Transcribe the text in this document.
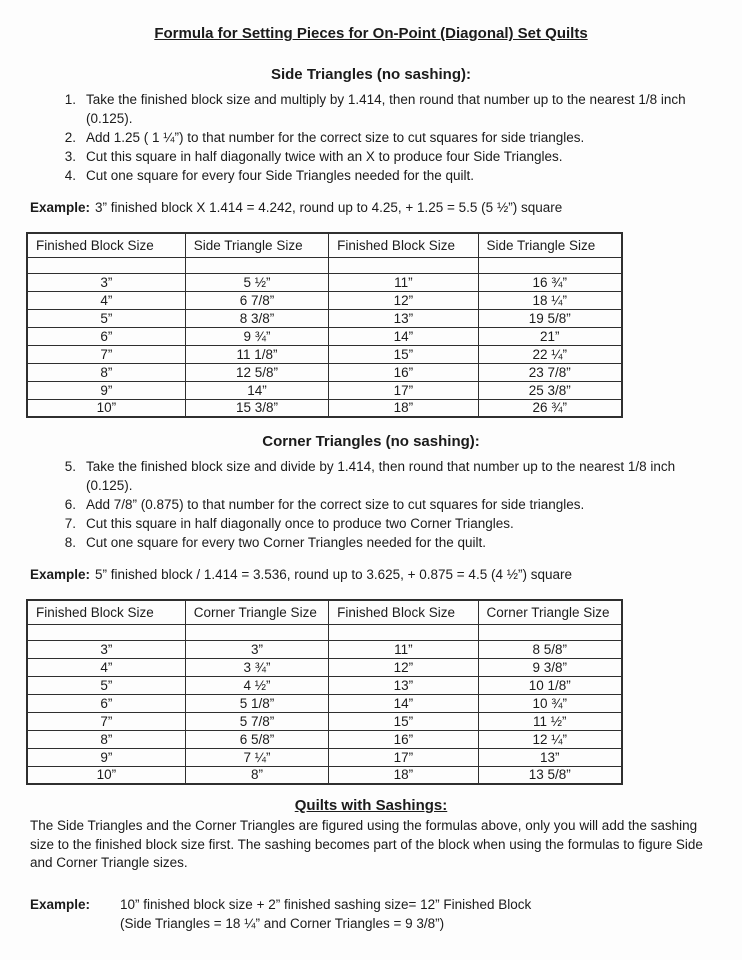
Formula for Setting Pieces for On-Point (Diagonal) Set Quilts
Side Triangles (no sashing):
1. Take the finished block size and multiply by 1.414, then round that number up to the nearest 1/8 inch (0.125).
2. Add 1.25 ( 1 ¼”) to that number for the correct size to cut squares for side triangles.
3. Cut this square in half diagonally twice with an X to produce four Side Triangles.
4. Cut one square for every four Side Triangles needed for the quilt.
Example: 3” finished block X 1.414 = 4.242, round up to 4.25, + 1.25 = 5.5 (5 ½”) square
Finished Block Size	Side Triangle Size	Finished Block Size	Side Triangle Size

3”	5 ½”	11”	16 ¾”
4”	6 7/8”	12”	18 ¼”
5”	8 3/8”	13”	19 5/8”
6”	9 ¾”	14”	21”
7”	11 1/8”	15”	22 ¼”
8”	12 5/8”	16”	23 7/8”
9”	14”	17”	25 3/8”
10”	15 3/8”	18”	26 ¾”
Corner Triangles (no sashing):
5. Take the finished block size and divide by 1.414, then round that number up to the nearest 1/8 inch (0.125).
6. Add 7/8” (0.875) to that number for the correct size to cut squares for side triangles.
7. Cut this square in half diagonally once to produce two Corner Triangles.
8. Cut one square for every two Corner Triangles needed for the quilt.
Example: 5” finished block / 1.414 = 3.536, round up to 3.625, + 0.875 = 4.5 (4 ½”) square
Finished Block Size	Corner Triangle Size	Finished Block Size	Corner Triangle Size

3”	3”	11”	8 5/8”
4”	3 ¾”	12”	9 3/8”
5”	4 ½”	13”	10 1/8”
6”	5 1/8”	14”	10 ¾”
7”	5 7/8”	15”	11 ½”
8”	6 5/8”	16”	12 ¼”
9”	7 ¼”	17”	13”
10”	8”	18”	13 5/8”
Quilts with Sashings:
The Side Triangles and the Corner Triangles are figured using the formulas above, only you will add the sashing size to the finished block size first. The sashing becomes part of the block when using the formulas to figure Side and Corner Triangle sizes.
Example:	10” finished block size + 2” finished sashing size= 12” Finished Block
(Side Triangles = 18 ¼” and Corner Triangles = 9 3/8”)
